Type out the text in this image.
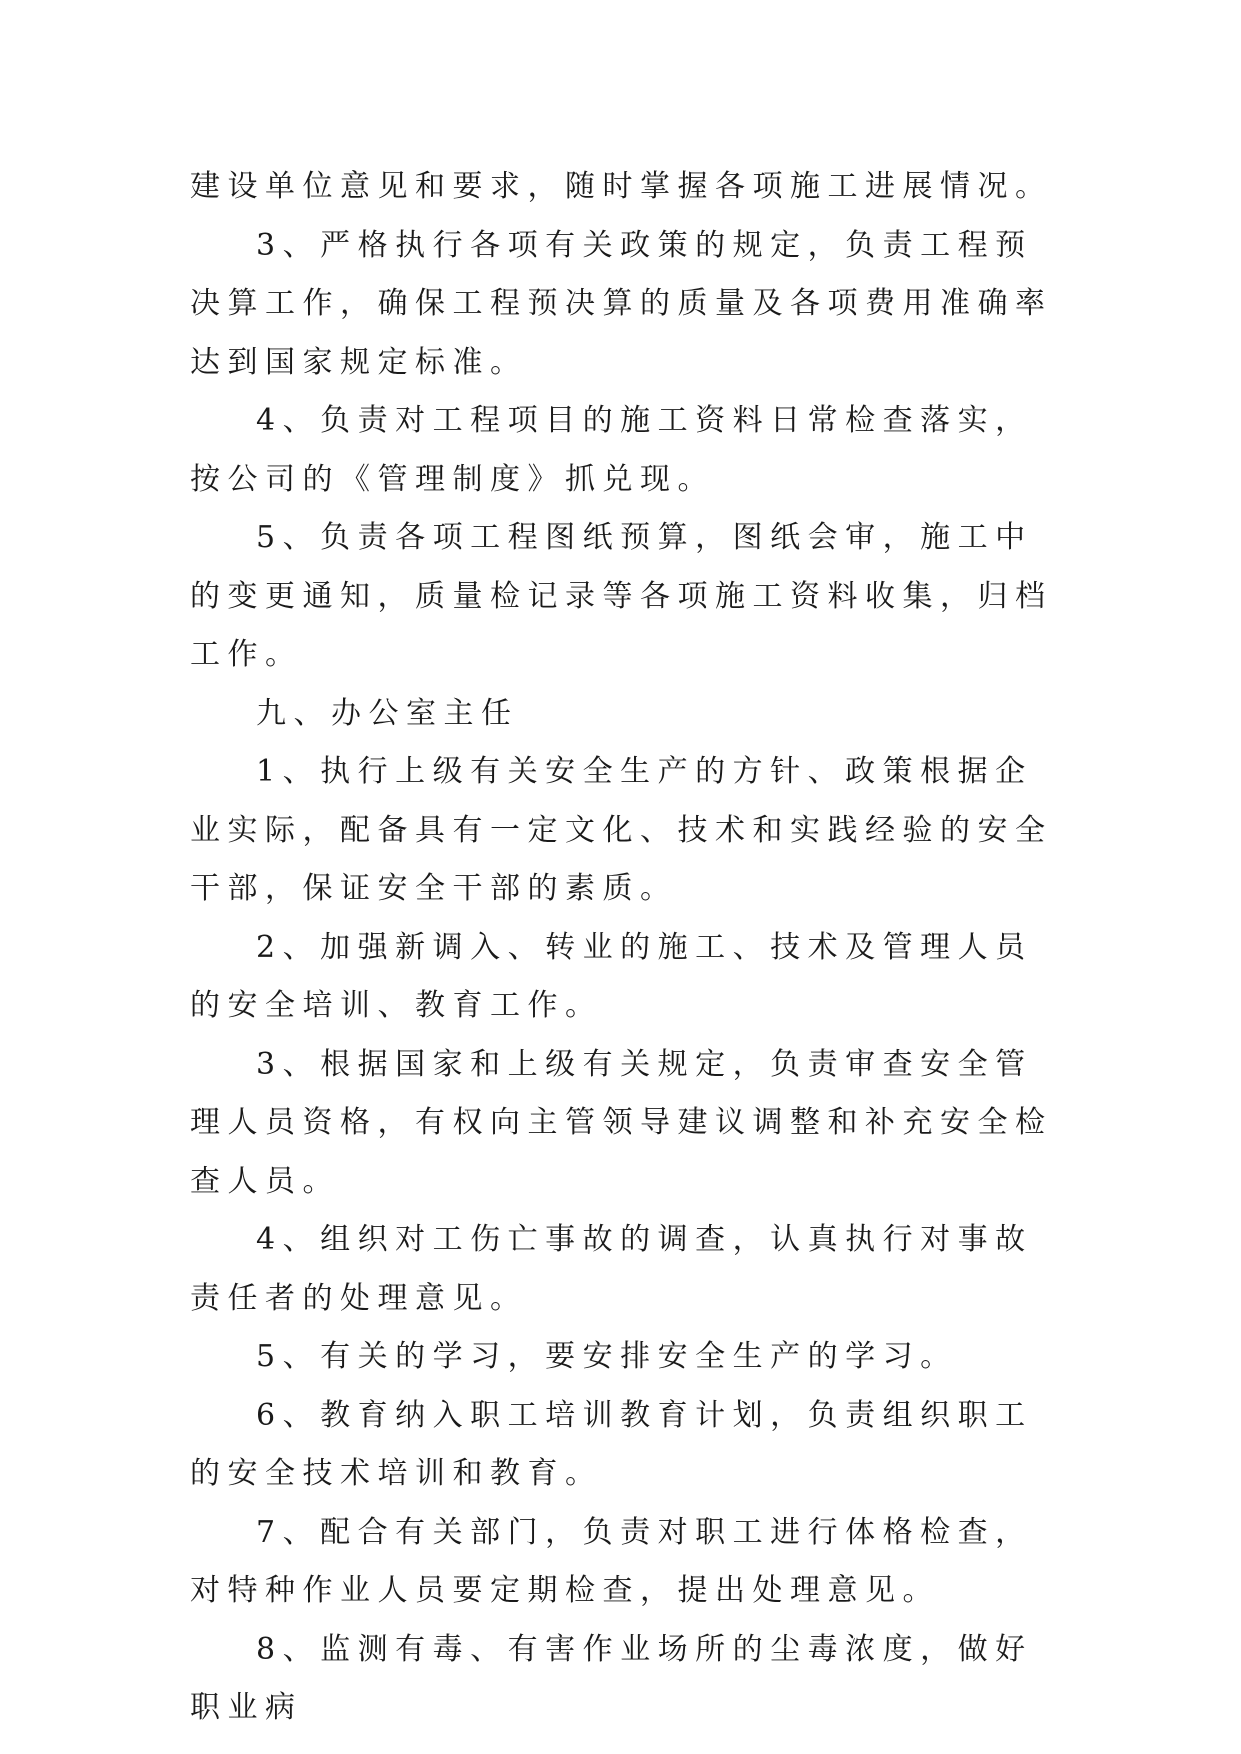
建设单位意见和要求，随时掌握各项施工进展情况。

3、严格执行各项有关政策的规定，负责工程预决算工作，确保工程预决算的质量及各项费用准确率达到国家规定标准。

4、负责对工程项目的施工资料日常检查落实，按公司的《管理制度》抓兑现。

5、负责各项工程图纸预算，图纸会审，施工中的变更通知，质量检记录等各项施工资料收集，归档工作。

九、办公室主任

1、执行上级有关安全生产的方针、政策根据企业实际，配备具有一定文化、技术和实践经验的安全干部，保证安全干部的素质。

2、加强新调入、转业的施工、技术及管理人员的安全培训、教育工作。

3、根据国家和上级有关规定，负责审查安全管理人员资格，有权向主管领导建议调整和补充安全检查人员。

4、组织对工伤亡事故的调查，认真执行对事故责任者的处理意见。

5、有关的学习，要安排安全生产的学习。

6、教育纳入职工培训教育计划，负责组织职工的安全技术培训和教育。

7、配合有关部门，负责对职工进行体格检查，对特种作业人员要定期检查，提出处理意见。

8、监测有毒、有害作业场所的尘毒浓度，做好职业病
